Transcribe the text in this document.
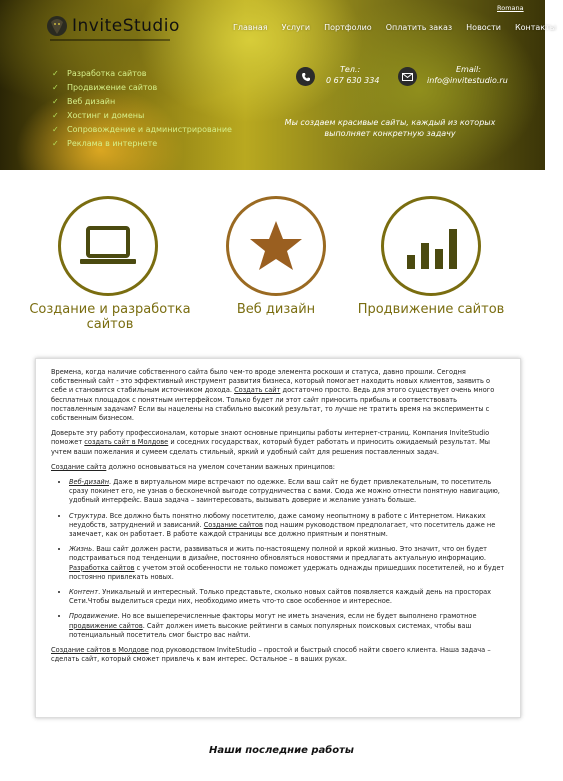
InviteStudio
Romana
Главная Услуги Портфолио Оплатить заказ Новости Контакты
✓ Разработка сайтов
✓ Продвижение сайтов
✓ Веб дизайн
✓ Хостинг и домены
✓ Сопровождение и администрирование
✓ Реклама в интернете
Тел.:
0 67 630 334
Email:
info@invitestudio.ru
Мы создаем красивые сайты, каждый из которых выполняет конкретную задачу
Создание и разработка сайтов
Веб дизайн	Продвижение сайтов

Времена, когда наличие собственного сайта было чем-то вроде элемента роскоши и статуса, давно прошли. Сегодня собственный сайт - это эффективный инструмент развития бизнеса, который помогает находить новых клиентов, заявить о себе и становится стабильным источником дохода. Создать сайт достаточно просто. Ведь для этого существует очень много бесплатных площадок с понятным интерфейсом. Только будет ли этот сайт приносить прибыль и соответствовать поставленным задачам? Если вы нацелены на стабильно высокий результат, то лучше не тратить время на эксперименты с собственным бизнесом.

Доверьте эту работу профессионалам, которые знают основные принципы работы интернет-страниц. Компания InviteStudio поможет создать сайт в Молдове и соседних государствах, который будет работать и приносить ожидаемый результат. Мы учтем ваши пожелания и сумеем сделать стильный, яркий и удобный сайт для решения поставленных задач.

Создание сайта должно основываться на умелом сочетании важных принципов:

• Веб-дизайн. Даже в виртуальном мире встречают по одежке. Если ваш сайт не будет привлекательным, то посетитель сразу покинет его, не узнав о бесконечной выгоде сотрудничества с вами. Сюда же можно отнести понятную навигацию, удобный интерфейс. Ваша задача – заинтересовать, вызывать доверие и желание узнать больше.
• Структура. Все должно быть понятно любому посетителю, даже самому неопытному в работе с Интернетом. Никаких неудобств, затруднений и зависаний. Создание сайтов под нашим руководством предполагает, что посетитель даже не замечает, как он работает. В работе каждой страницы все должно приятным и понятным.
• Жизнь. Ваш сайт должен расти, развиваться и жить по-настоящему полной и яркой жизнью. Это значит, что он будет подстраиваться под тенденции в дизайне, постоянно обновляться новостями и предлагать актуальную информацию. Разработка сайтов с учетом этой особенности не только поможет удержать однажды пришедших посетителей, но и будет постоянно привлекать новых.
• Контент. Уникальный и интересный. Только представьте, сколько новых сайтов появляется каждый день на просторах Сети.Чтобы выделиться среди них, необходимо иметь что-то свое особенное и интересное.
• Продвижение. Но все вышеперечисленные факторы могут не иметь значения, если не будет выполнено грамотное продвижение сайтов. Сайт должен иметь высокие рейтинги в самых популярных поисковых системах, чтобы ваш потенциальный посетитель смог быстро вас найти.

Создание сайтов в Молдове под руководством InviteStudio – простой и быстрый способ найти своего клиента. Наша задача – сделать сайт, который сможет привлечь к вам интерес. Остальное – в ваших руках.

Наши последние работы
